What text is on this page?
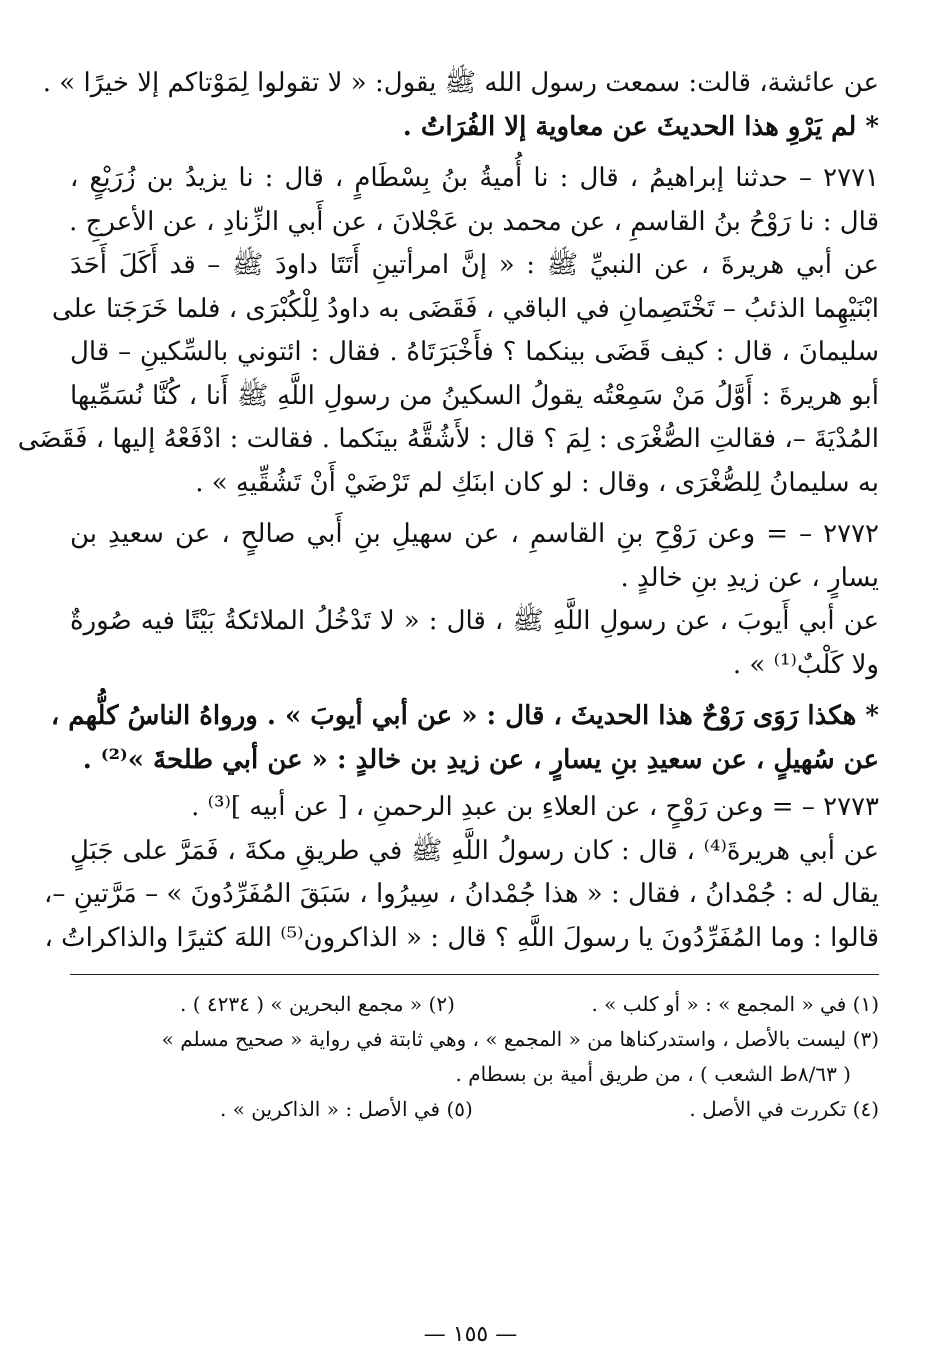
عن عائشة، قالت: سمعت رسول الله ﷺ يقول: « لا تقولوا لِمَوْتاكم إلا خيرًا » .
* لم يَرْوِ هذا الحديثَ عن معاوية إلا الفُرَاتُ .
٢٧٧١ – حدثنا إبراهيمُ ، قال : نا أُميةُ بنُ بِسْطَامٍ ، قال : نا يزيدُ بن زُرَيْعٍ ،
قال : نا رَوْحُ بنُ القاسمِ ، عن محمد بن عَجْلانَ ، عن أَبي الزِّنادِ ، عن الأعرجِ .
عن أبي هريرةَ ، عن النبيِّ ﷺ : « إنَّ امرأتينِ أَتَتَا داودَ ﷺ – قد أَكَلَ أَحَدَ
ابْنَيْهِما الذئبُ – تَخْتَصِمانِ في الباقي ، فَقَضَى به داودُ لِلْكُبْرَى ، فلما خَرَجَتا على
سليمانَ ، قال : كيف قَضَى بينكما ؟ فأَخْبَرَتَاهُ . فقال : ائتوني بالسِّكينِ – قال
أبو هريرةَ : أَوَّلُ مَنْ سَمِعْتُه يقولُ السكينُ من رسولِ اللَّهِ ﷺ أَنا ، كُنَّا نُسَمِّيها
المُدْيَةَ –، فقالتِ الصُّغْرَى : لِمَ ؟ قال : لأَشُقَّهُ بينَكما . فقالت : ادْفَعْهُ إليها ، فَقَضَى
به سليمانُ لِلصُّغْرَى ، وقال : لو كان ابنَكِ لم تَرْضَيْ أَنْ تَشُقِّيهِ » .
٢٧٧٢ – = وعن رَوْحِ بنِ القاسمِ ، عن سهيلِ بنِ أَبي صالحٍ ، عن سعيدِ بن
يسارٍ ، عن زيدِ بنِ خالدٍ .
عن أبي أَيوبَ ، عن رسولِ اللَّهِ ﷺ ، قال : « لا تَدْخُلُ الملائكةُ بَيْتًا فيه صُورةٌ
ولا كَلْبٌ⁽¹⁾ » .
* هكذا رَوَى رَوْحٌ هذا الحديثَ ، قال : « عن أبي أيوبَ » . ورواهُ الناسُ كلُّهم ،
عن سُهيلٍ ، عن سعيدِ بنِ يسارٍ ، عن زيدِ بن خالدٍ : « عن أبي طلحةَ »⁽²⁾ .
٢٧٧٣ – = وعن رَوْحٍ ، عن العلاءِ بن عبدِ الرحمنِ ، [ عن أبيه ]⁽³⁾ .
عن أبي هريرةَ⁽⁴⁾ ، قال : كان رسولُ اللَّهِ ﷺ في طريقِ مكةَ ، فَمَرَّ على جَبَلٍ
يقال له : جُمْدانُ ، فقال : « هذا جُمْدانُ ، سِيرُوا ، سَبَقَ المُفَرِّدُونَ » – مَرَّتينِ –،
قالوا : وما المُفَرِّدُونَ يا رسولَ اللَّهِ ؟ قال : « الذاكرون⁽⁵⁾ اللهَ كثيرًا والذاكراتُ ،
(١) في « المجمع » : « أو كلب » .
(٢) « مجمع البحرين » ( ٤٢٣٤ ) .
(٣) ليست بالأصل ، واستدركناها من « المجمع » ، وهي ثابتة في رواية « صحيح مسلم »
( ٨/٦٣ط الشعب ) ، من طريق أمية بن بسطام .
(٤) تكررت في الأصل .
(٥) في الأصل : « الذاكرين » .
— ١٥٥ —
